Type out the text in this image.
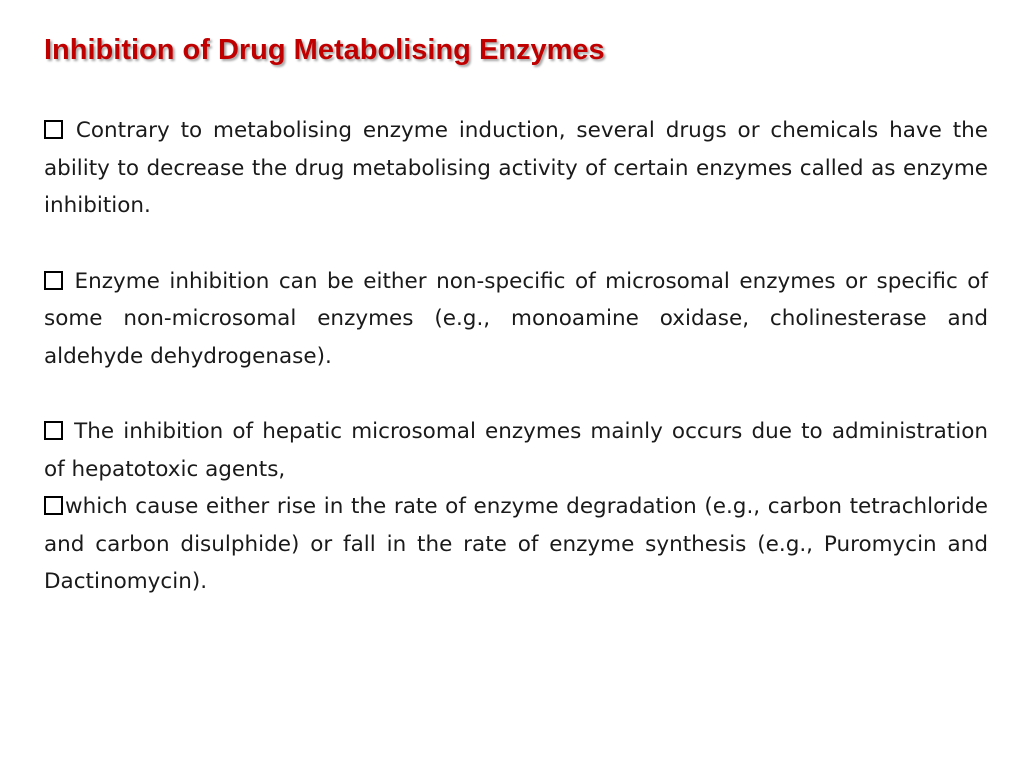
Inhibition of Drug Metabolising Enzymes

Contrary to metabolising enzyme induction, several drugs or chemicals have the ability to decrease the drug metabolising activity of certain enzymes called as enzyme inhibition.

Enzyme inhibition can be either non-specific of microsomal enzymes or specific of some non-microsomal enzymes (e.g., monoamine oxidase, cholinesterase and aldehyde dehydrogenase).

The inhibition of hepatic microsomal enzymes mainly occurs due to administration of hepatotoxic agents,

which cause either rise in the rate of enzyme degradation (e.g., carbon tetrachloride and carbon disulphide) or fall in the rate of enzyme synthesis (e.g., Puromycin and Dactinomycin).
